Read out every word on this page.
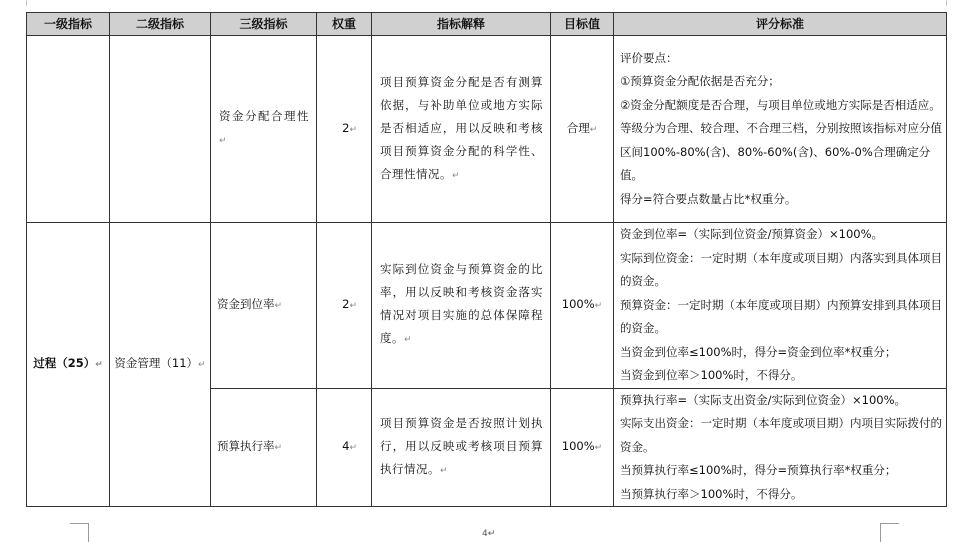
一级指标	二级指标	三级指标	权重	指标解释	目标值	评分标准
		资金分配合理性↵	2↵	项目预算资金分配是否有测算依据，与补助单位或地方实际是否相适应，用以反映和考核项目预算资金分配的科学性、合理性情况。↵	合理↵	评价要点：
①预算资金分配依据是否充分；
②资金分配额度是否合理，与项目单位或地方实际是否相适应。
等级分为合理、较合理、不合理三档，分别按照该指标对应分值区间100%-80%(含)、80%-60%(含)、60%-0%合理确定分值。
得分=符合要点数量占比*权重分。

过程（25）↵	资金管理（11）↵	资金到位率↵	2↵	实际到位资金与预算资金的比率，用以反映和考核资金落实情况对项目实施的总体保障程度。↵	100%↵	资金到位率=（实际到位资金/预算资金）×100%。
实际到位资金：一定时期（本年度或项目期）内落实到具体项目的资金。
预算资金：一定时期（本年度或项目期）内预算安排到具体项目的资金。
当资金到位率≤100%时，得分=资金到位率*权重分；
当资金到位率＞100%时，不得分。

		预算执行率↵	4↵	项目预算资金是否按照计划执行，用以反映或考核项目预算执行情况。↵	100%↵	预算执行率=（实际支出资金/实际到位资金）×100%。
实际支出资金：一定时期（本年度或项目期）内项目实际拨付的资金。
当预算执行率≤100%时，得分=预算执行率*权重分；
当预算执行率＞100%时，不得分。
4↵
